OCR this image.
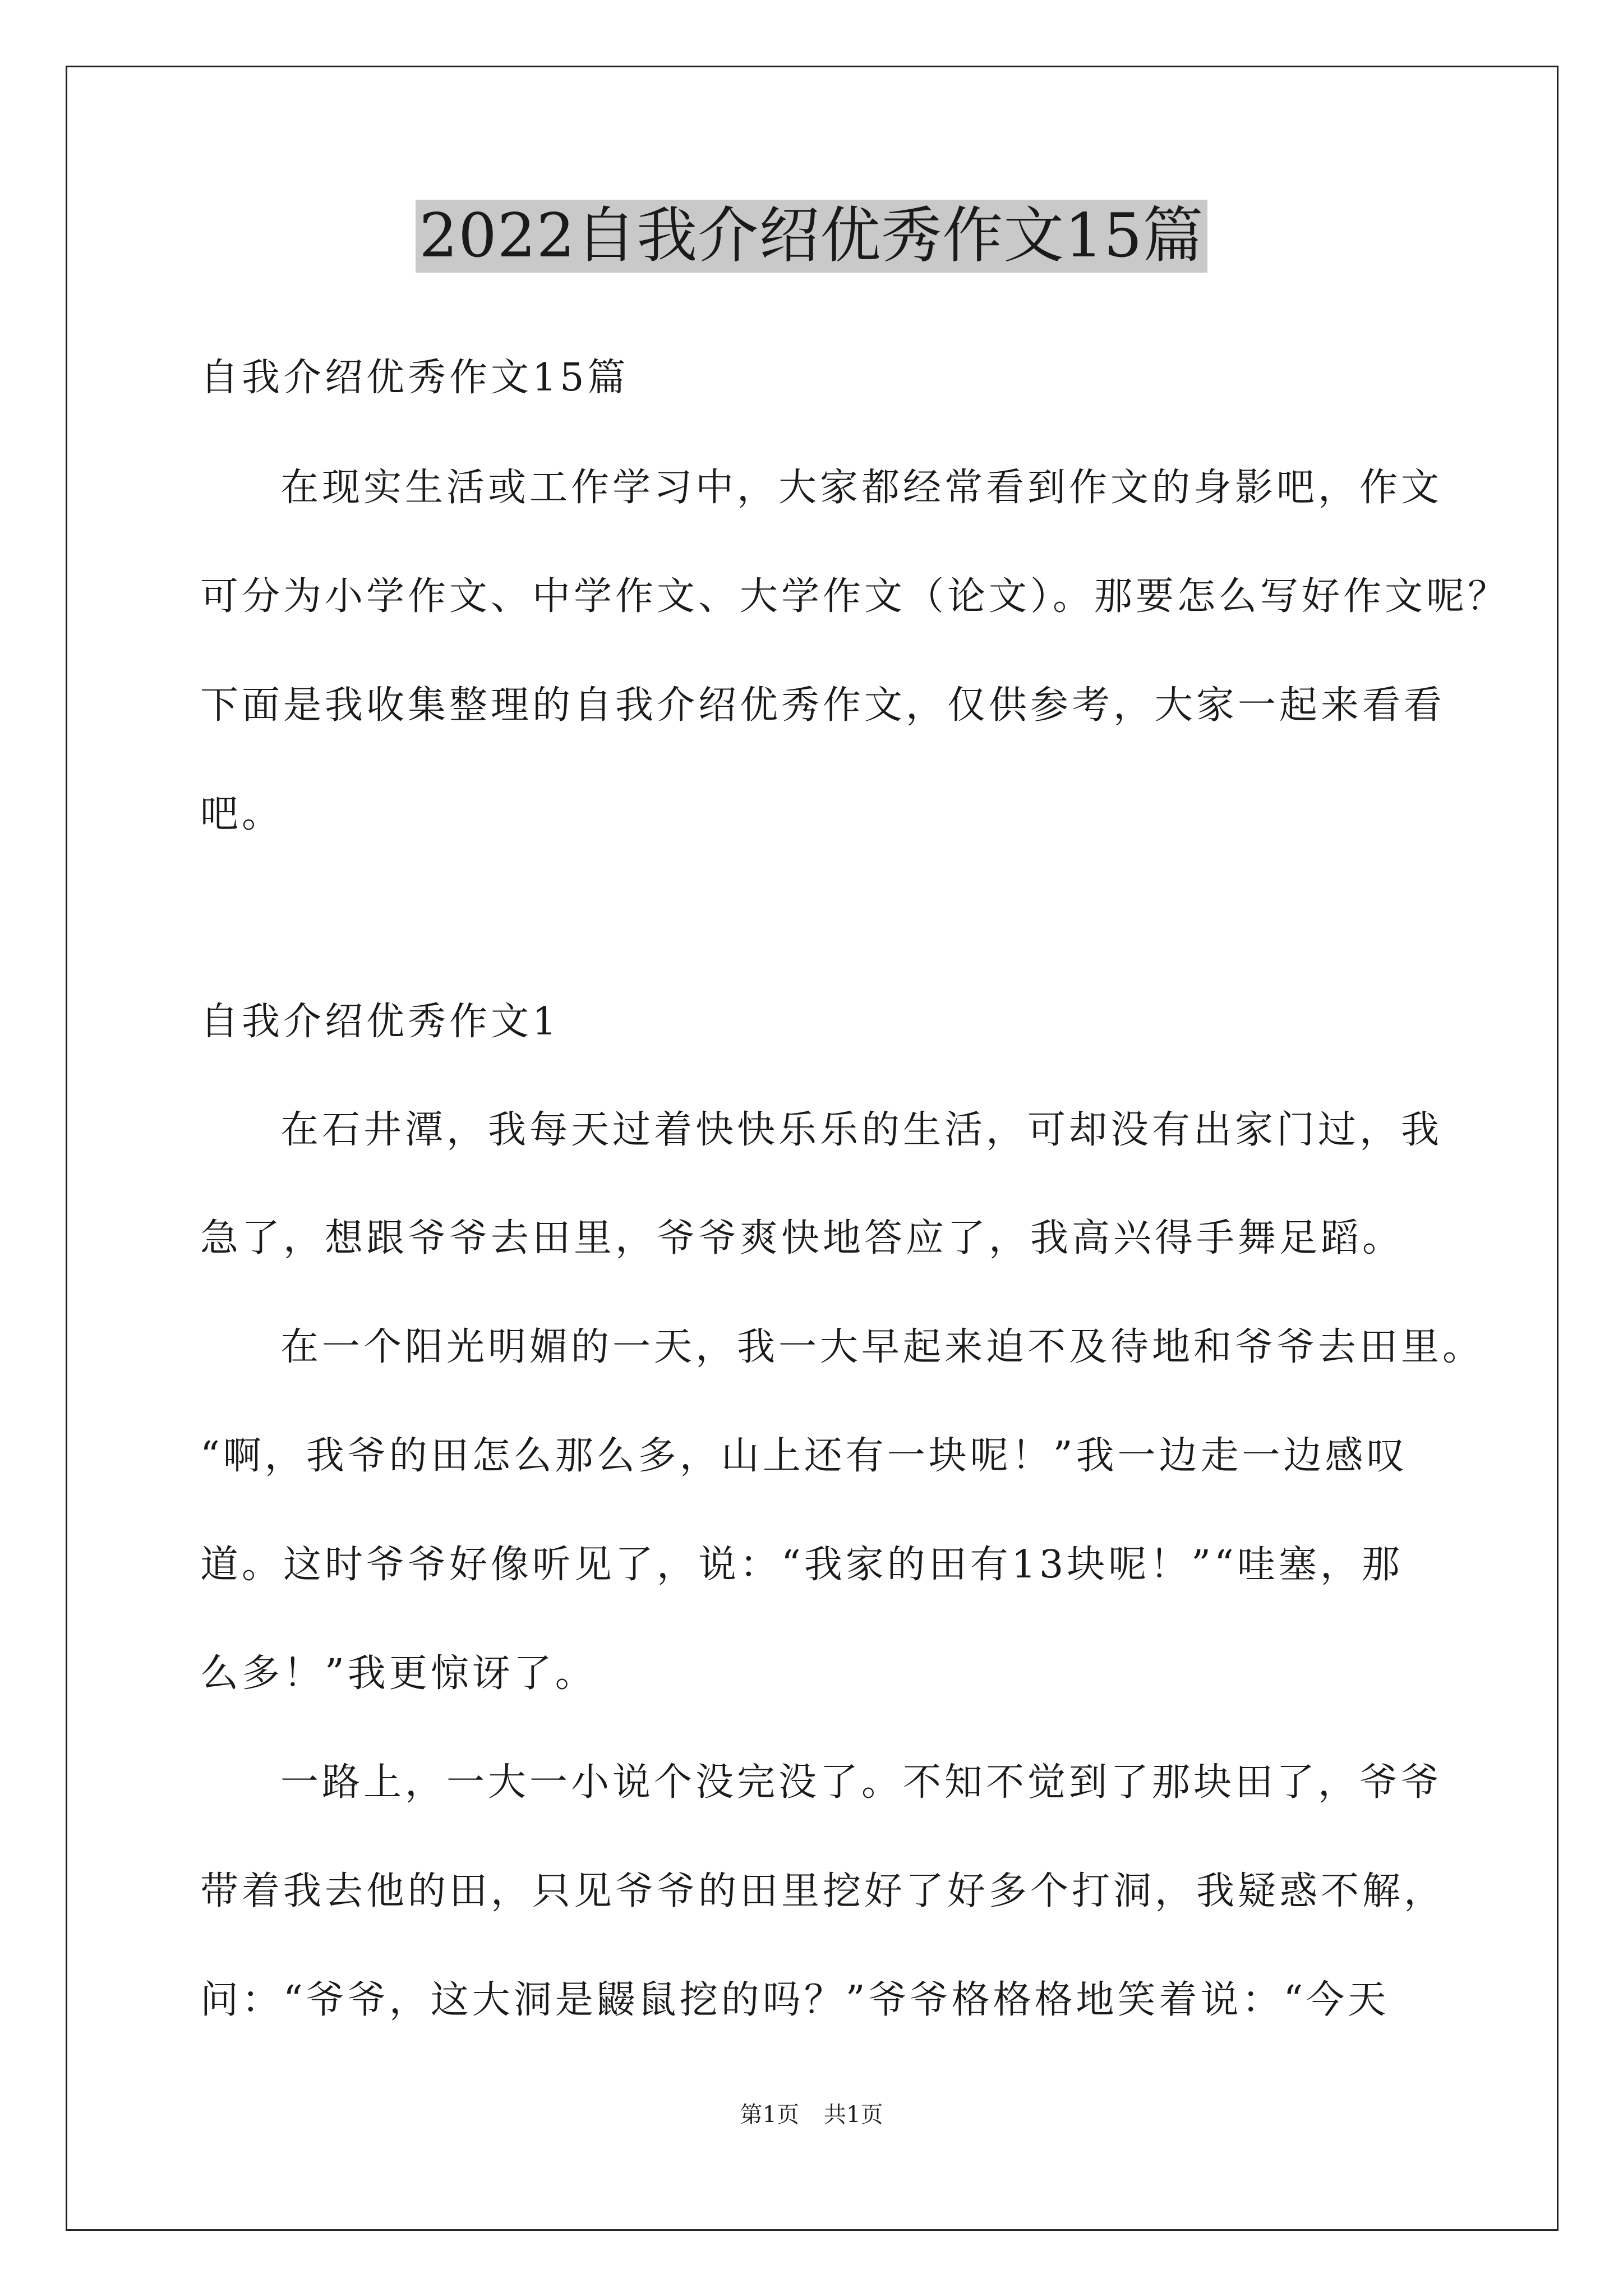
2022自我介绍优秀作文15篇
自我介绍优秀作文15篇
在现实生活或工作学习中，大家都经常看到作文的身影吧，作文
可分为小学作文、中学作文、大学作文（论文）。那要怎么写好作文呢？
下面是我收集整理的自我介绍优秀作文，仅供参考，大家一起来看看
吧。
自我介绍优秀作文1
在石井潭，我每天过着快快乐乐的生活，可却没有出家门过，我
急了，想跟爷爷去田里，爷爷爽快地答应了，我高兴得手舞足蹈。
在一个阳光明媚的一天，我一大早起来迫不及待地和爷爷去田里。
“啊，我爷的田怎么那么多，山上还有一块呢！”我一边走一边感叹
道。这时爷爷好像听见了，说：“我家的田有13块呢！”“哇塞，那
么多！”我更惊讶了。
一路上，一大一小说个没完没了。不知不觉到了那块田了，爷爷
带着我去他的田，只见爷爷的田里挖好了好多个打洞，我疑惑不解，
问：“爷爷，这大洞是鼹鼠挖的吗？”爷爷格格格地笑着说：“今天
第1页 共1页
